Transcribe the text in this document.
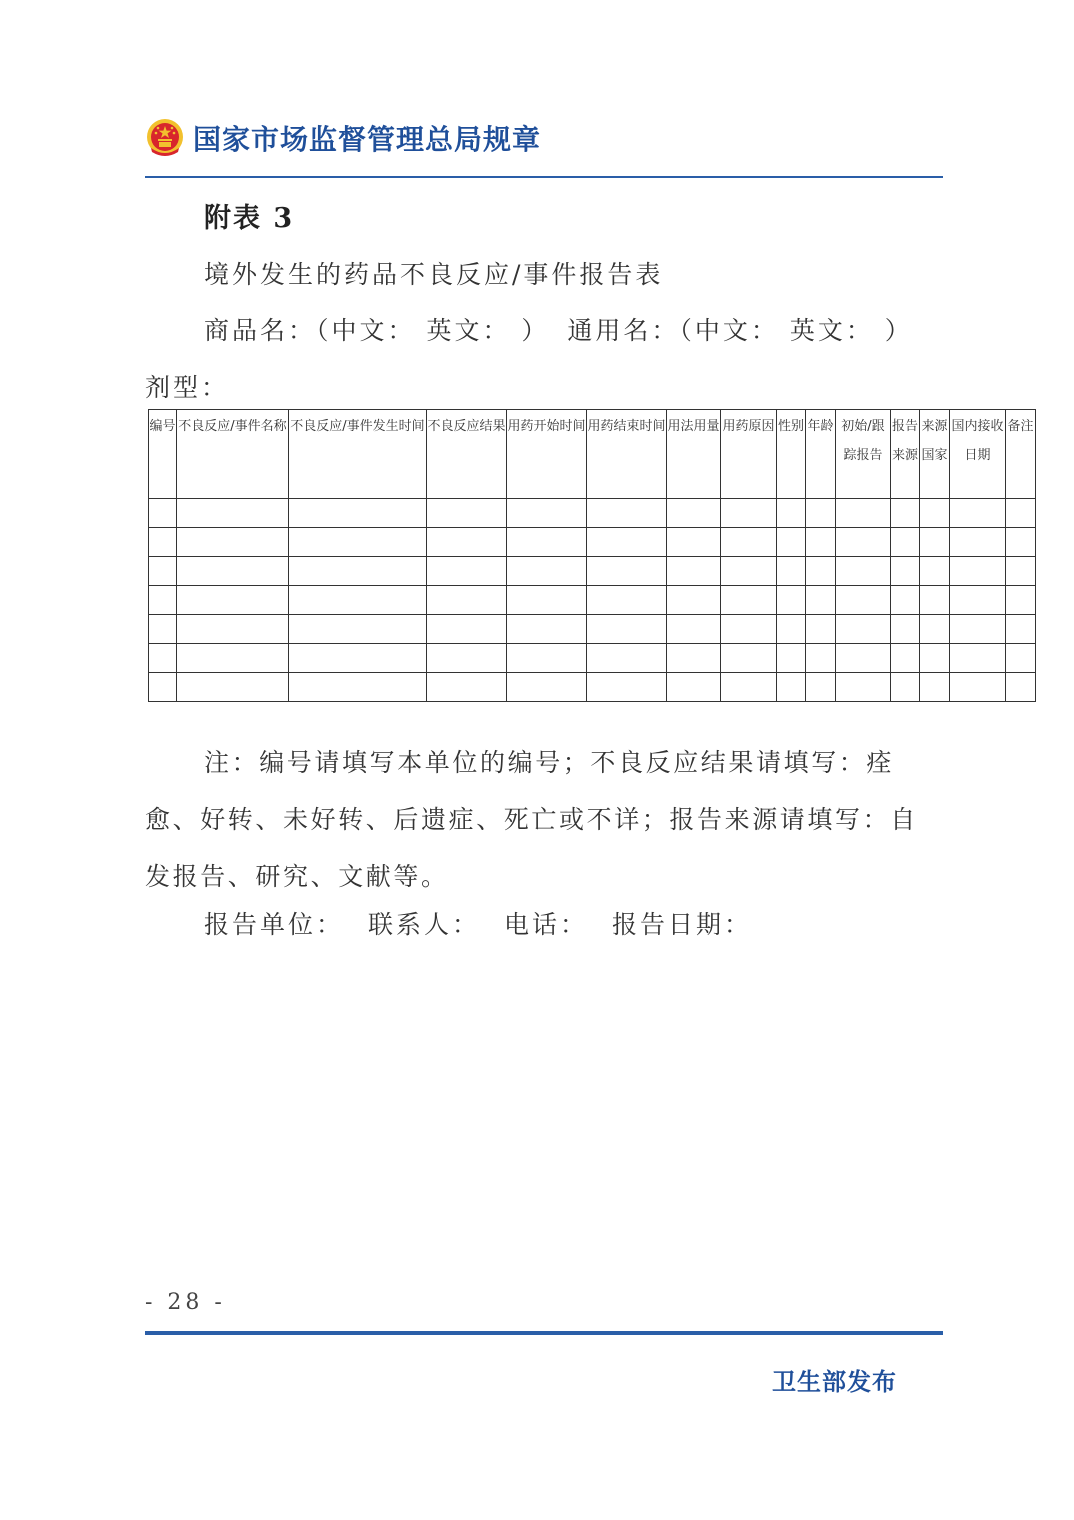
国家市场监督管理总局规章
附表 3
境外发生的药品不良反应/事件报告表
商品名：（中文： 英文： ） 通用名：（中文： 英文： ）
剂型：
编号	不良反应/事件名称	不良反应/事件发生时间	不良反应结果	用药开始时间	用药结束时间	用法用量	用药原因	性别	年龄	初始/跟踪报告	报告来源	来源国家	国内接收日期	备注

注：编号请填写本单位的编号；不良反应结果请填写：痊愈、好转、未好转、后遗症、死亡或不详；报告来源请填写：自发报告、研究、文献等。
报告单位： 联系人： 电话： 报告日期：
- 28 -
卫生部发布
